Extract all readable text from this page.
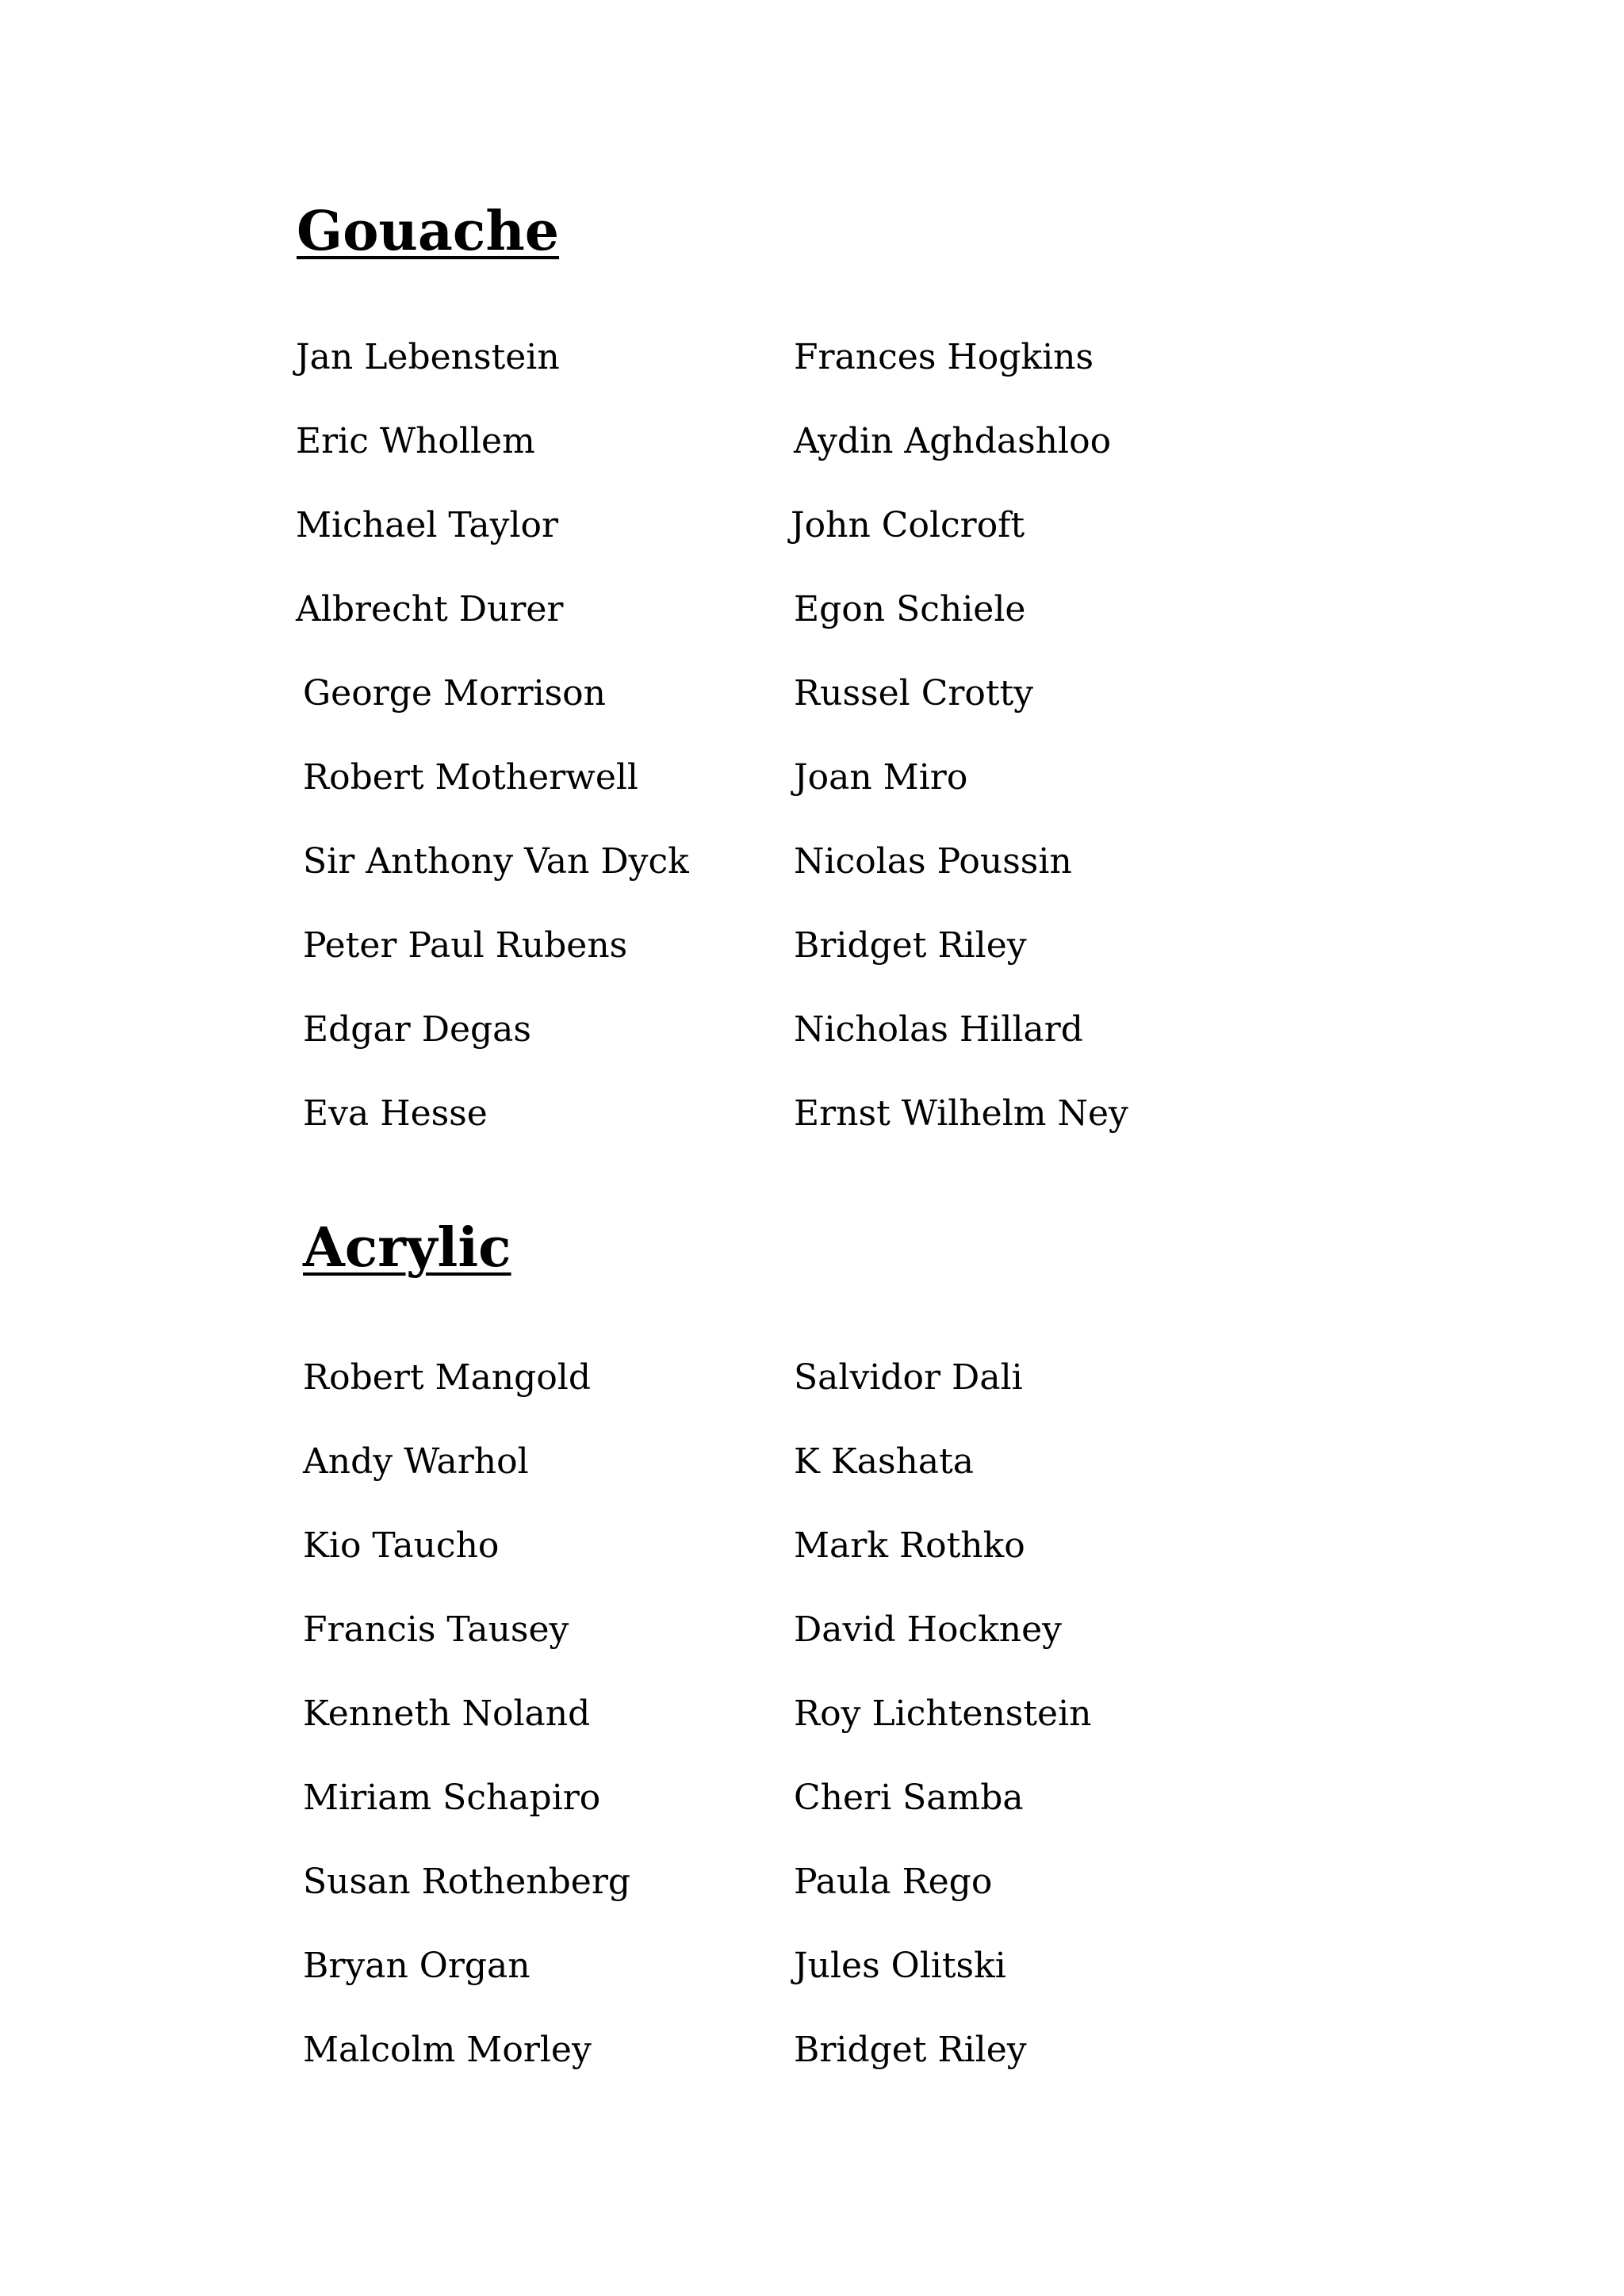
Gouache
Jan Lebenstein
Eric Whollem
Michael Taylor
Albrecht Durer
George Morrison
Robert Motherwell
Sir Anthony Van Dyck
Peter Paul Rubens
Edgar Degas
Eva Hesse
Frances Hogkins
Aydin Aghdashloo
John Colcroft
Egon Schiele
Russel Crotty
Joan Miro
Nicolas Poussin
Bridget Riley
Nicholas Hillard
Ernst Wilhelm Ney
Acrylic
Robert Mangold
Andy Warhol
Kio Taucho
Francis Tausey
Kenneth Noland
Miriam Schapiro
Susan Rothenberg
Bryan Organ
Malcolm Morley
Salvidor Dali
K Kashata
Mark Rothko
David Hockney
Roy Lichtenstein
Cheri Samba
Paula Rego
Jules Olitski
Bridget Riley
